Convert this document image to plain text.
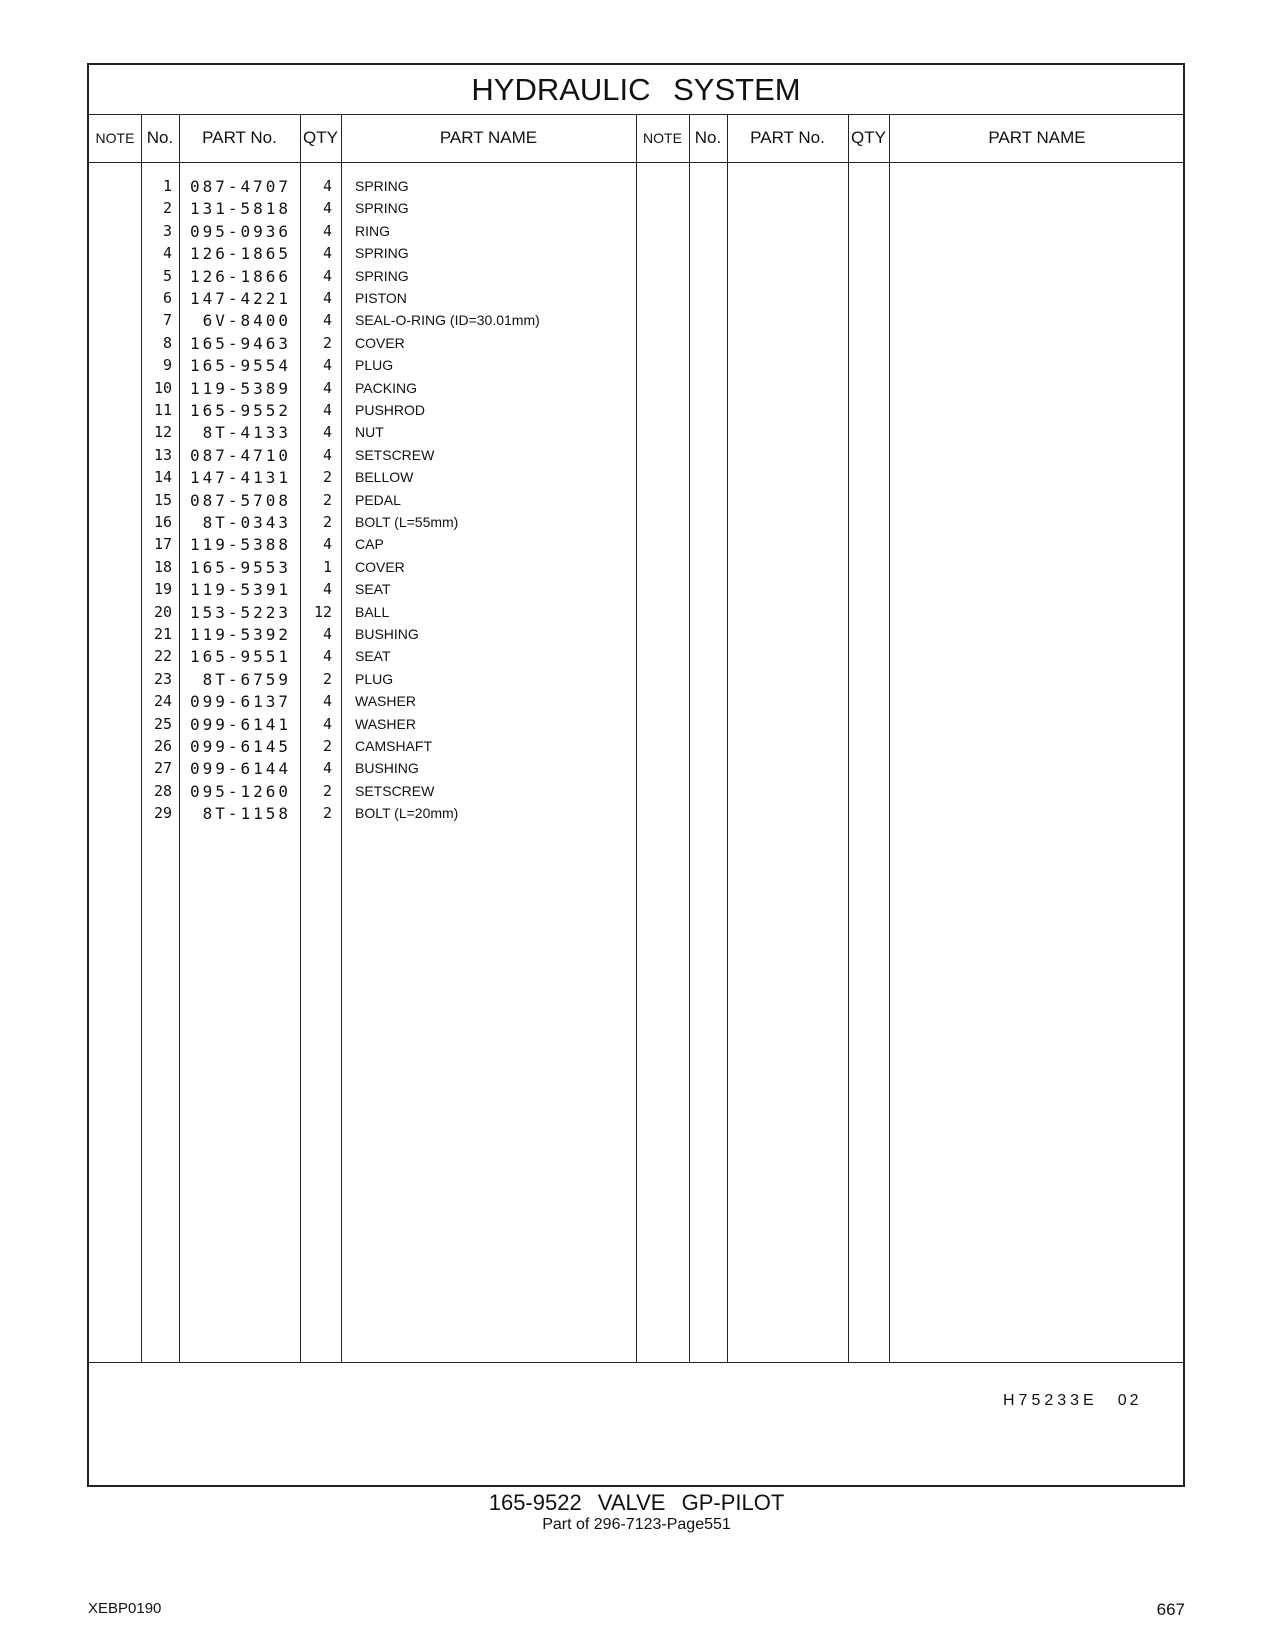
HYDRAULIC SYSTEM
NOTE No.	PART No.	QTY	PART NAME	NOTE No.	PART No.	QTY	PART NAME
1	087-4707	4 SPRING
2	131-5818	4 SPRING
3	095-0936	4 RING
4	126-1865	4 SPRING
5	126-1866	4 SPRING
6	147-4221	4 PISTON
7	6V-8400	4 SEAL-O-RING (ID=30.01mm)
8	165-9463	2 COVER
9	165-9554	4 PLUG
10	119-5389	4 PACKING
11	165-9552	4 PUSHROD
12	8T-4133	4 NUT
13	087-4710	4 SETSCREW
14	147-4131	2 BELLOW
15	087-5708	2 PEDAL
16	8T-0343	2 BOLT (L=55mm)
17	119-5388	4 CAP
18	165-9553	1 COVER
19	119-5391	4 SEAT
20	153-5223	12 BALL
21	119-5392	4 BUSHING
22	165-9551	4 SEAT
23	8T-6759	2 PLUG
24	099-6137	4 WASHER
25	099-6141	4 WASHER
26	099-6145	2 CAMSHAFT
27	099-6144	4 BUSHING
28	095-1260	2 SETSCREW
29	8T-1158	2 BOLT (L=20mm)
H75233E 02
165-9522 VALVE GP-PILOT
Part of 296-7123-Page551
XEBP0190	667
